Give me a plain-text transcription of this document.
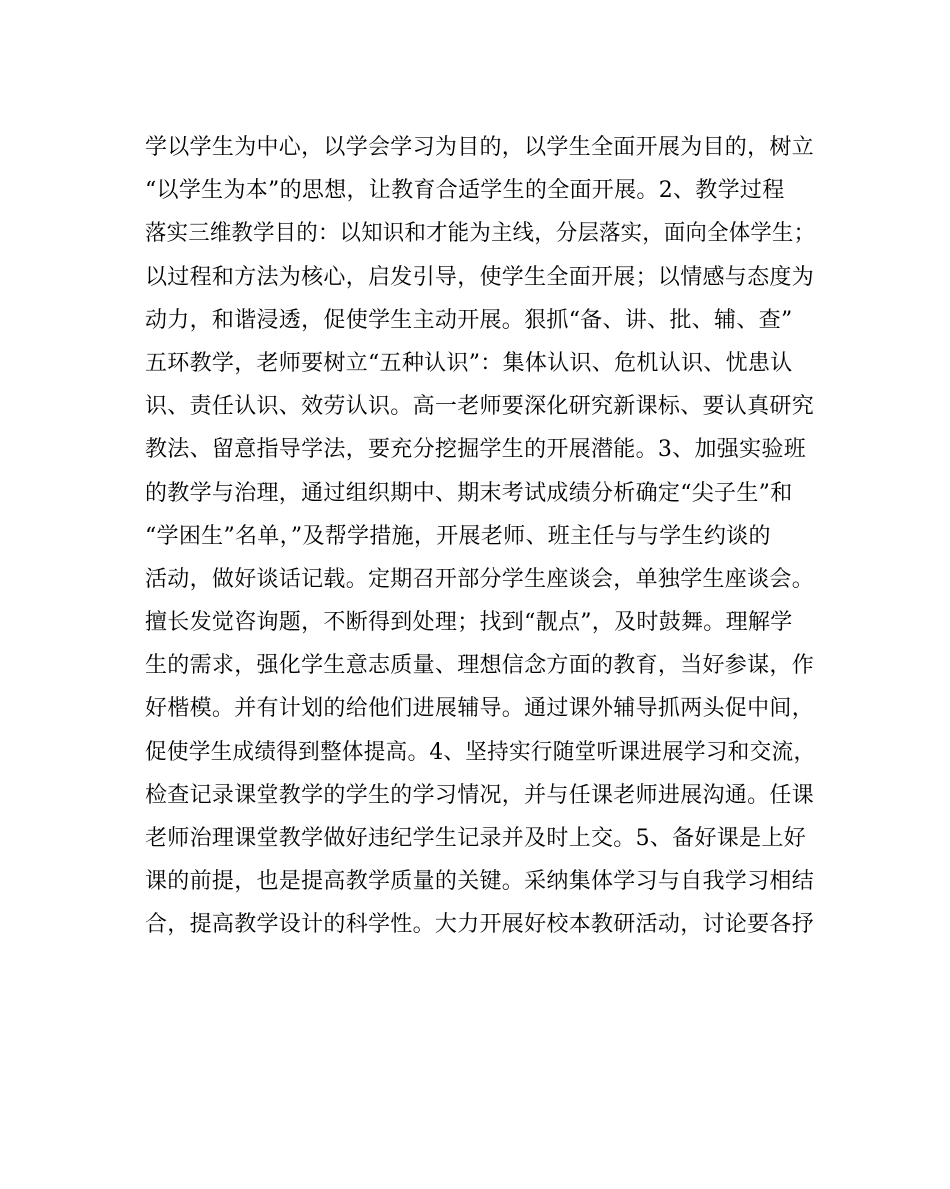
学以学生为中心，以学会学习为目的，以学生全面开展为目的，树立
“以学生为本”的思想，让教育合适学生的全面开展。2、教学过程
落实三维教学目的：以知识和才能为主线，分层落实，面向全体学生；
以过程和方法为核心，启发引导，使学生全面开展；以情感与态度为
动力，和谐浸透，促使学生主动开展。狠抓“备、讲、批、辅、查”
五环教学，老师要树立“五种认识”：集体认识、危机认识、忧患认
识、责任认识、效劳认识。高一老师要深化研究新课标、要认真研究
教法、留意指导学法，要充分挖掘学生的开展潜能。3、加强实验班
的教学与治理，通过组织期中、期末考试成绩分析确定“尖子生”和
“学困生”名单，”及帮学措施，开展老师、班主任与与学生约谈的
活动，做好谈话记载。定期召开部分学生座谈会，单独学生座谈会。
擅长发觉咨询题，不断得到处理；找到“靓点”，及时鼓舞。理解学
生的需求，强化学生意志质量、理想信念方面的教育，当好参谋，作
好楷模。并有计划的给他们进展辅导。通过课外辅导抓两头促中间，
促使学生成绩得到整体提高。4、坚持实行随堂听课进展学习和交流，
检查记录课堂教学的学生的学习情况，并与任课老师进展沟通。任课
老师治理课堂教学做好违纪学生记录并及时上交。5、备好课是上好
课的前提，也是提高教学质量的关键。采纳集体学习与自我学习相结
合，提高教学设计的科学性。大力开展好校本教研活动，讨论要各抒
